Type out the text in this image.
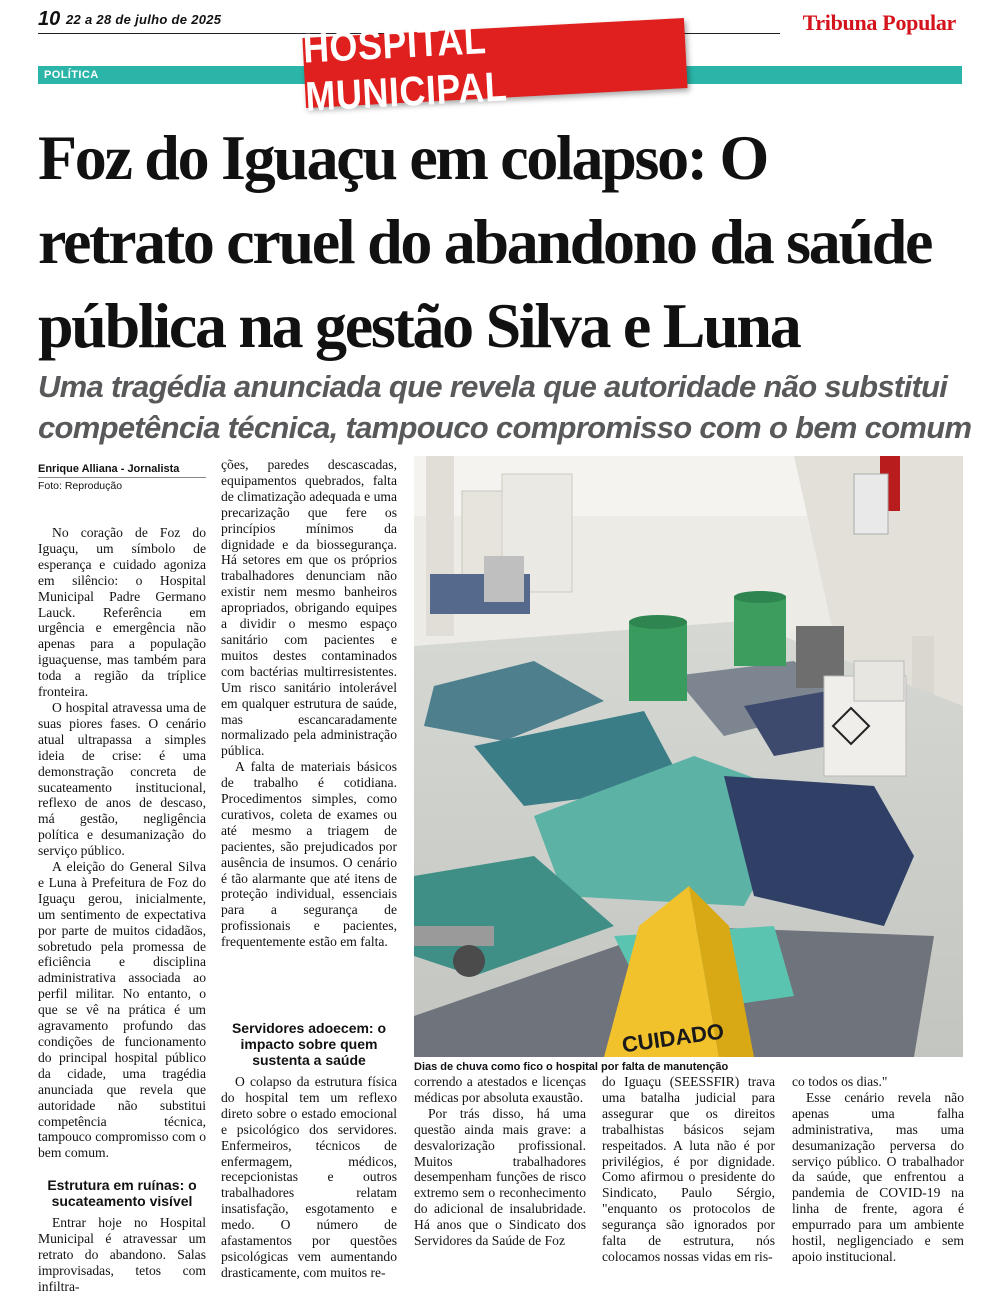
10 22 a 28 de julho de 2025	Tribuna Popular
POLÍTICA
HOSPITAL MUNICIPAL
Foz do Iguaçu em colapso: O
retrato cruel do abandono da saúde
pública na gestão Silva e Luna
Uma tragédia anunciada que revela que autoridade não substitui
competência técnica, tampouco compromisso com o bem comum
Enrique Alliana - Jornalista
Foto: Reprodução

No coração de Foz do Iguaçu, um símbolo de esperança e cuidado agoniza em silêncio: o Hospital Municipal Padre Germano Lauck. Referência em urgência e emergência não apenas para a população iguaçuense, mas também para toda a região da tríplice fronteira.

O hospital atravessa uma de suas piores fases. O cenário atual ultrapassa a simples ideia de crise: é uma demonstração concreta de sucateamento institucional, reflexo de anos de descaso, má gestão, negligência política e desumanização do serviço público.

A eleição do General Silva e Luna à Prefeitura de Foz do Iguaçu gerou, inicialmente, um sentimento de expectativa por parte de muitos cidadãos, sobretudo pela promessa de eficiência e disciplina administrativa associada ao perfil militar. No entanto, o que se vê na prática é um agravamento profundo das condições de funcionamento do principal hospital público da cidade, uma tragédia anunciada que revela que autoridade não substitui competência técnica, tampouco compromisso com o bem comum.

Estrutura em ruínas: o sucateamento visível

Entrar hoje no Hospital Municipal é atravessar um retrato do abandono. Salas improvisadas, tetos com infiltra-

ções, paredes descascadas, equipamentos quebrados, falta de climatização adequada e uma precarização que fere os princípios mínimos da dignidade e da biossegurança. Há setores em que os próprios trabalhadores denunciam não existir nem mesmo banheiros apropriados, obrigando equipes a dividir o mesmo espaço sanitário com pacientes e muitos destes contaminados com bactérias multirresistentes. Um risco sanitário intolerável em qualquer estrutura de saúde, mas escancaradamente normalizado pela administração pública.

A falta de materiais básicos de trabalho é cotidiana. Procedimentos simples, como curativos, coleta de exames ou até mesmo a triagem de pacientes, são prejudicados por ausência de insumos. O cenário é tão alarmante que até itens de proteção individual, essenciais para a segurança de profissionais e pacientes, frequentemente estão em falta.

Servidores adoecem: o impacto sobre quem sustenta a saúde

O colapso da estrutura física do hospital tem um reflexo direto sobre o estado emocional e psicológico dos servidores. Enfermeiros, técnicos de enfermagem, médicos, recepcionistas e outros trabalhadores relatam insatisfação, esgotamento e medo. O número de afastamentos por questões psicológicas vem aumentando drasticamente, com muitos re-

CUIDADO
Dias de chuva como fico o hospital por falta de manutenção

correndo a atestados e licenças médicas por absoluta exaustão.

Por trás disso, há uma questão ainda mais grave: a desvalorização profissional. Muitos trabalhadores desempenham funções de risco extremo sem o reconhecimento do adicional de insalubridade. Há anos que o Sindicato dos Servidores da Saúde de Foz

do Iguaçu (SEESSFIR) trava uma batalha judicial para assegurar que os direitos trabalhistas básicos sejam respeitados. A luta não é por privilégios, é por dignidade. Como afirmou o presidente do Sindicato, Paulo Sérgio, "enquanto os protocolos de segurança são ignorados por falta de estrutura, nós colocamos nossas vidas em ris-

co todos os dias."

Esse cenário revela não apenas uma falha administrativa, mas uma desumanização perversa do serviço público. O trabalhador da saúde, que enfrentou a pandemia de COVID-19 na linha de frente, agora é empurrado para um ambiente hostil, negligenciado e sem apoio institucional.
